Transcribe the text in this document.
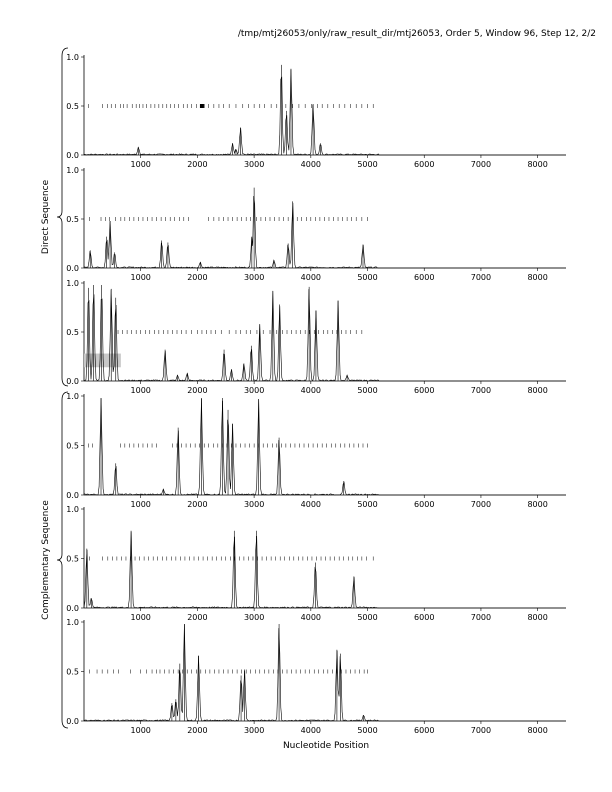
/tmp/mtj26053/only/raw_result_dir/mtj26053, Order 5, Window 96, Step 12, 2/2
0.0
0.5
1.0
1000	2000	3000	4000	5000	6000	7000	8000
0.0
0.5
1.0
1000	2000	3000	4000	5000	6000	7000	8000
0.0
0.5
1.0
1000	2000	3000	4000	5000	6000	7000	8000
0.0
0.5
1.0
1000	2000	3000	4000	5000	6000	7000	8000
0.0
0.5
1.0
1000	2000	3000	4000	5000	6000	7000	8000
0.0
0.5
1.0
1000	2000	3000	4000	5000	6000	7000	8000
Direct Sequence
Complementary Sequence
Nucleotide Position
